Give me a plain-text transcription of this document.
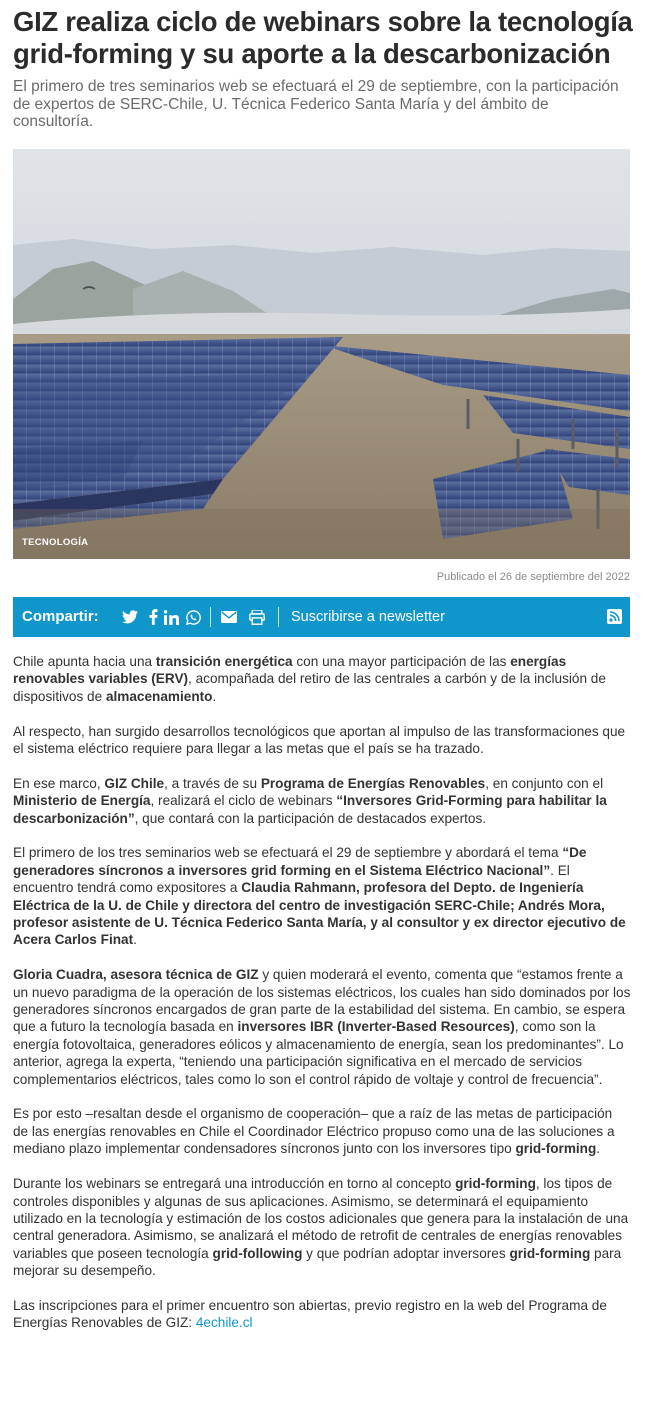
GIZ realiza ciclo de webinars sobre la tecnología grid-forming y su aporte a la descarbonización

El primero de tres seminarios web se efectuará el 29 de septiembre, con la participación de expertos de SERC-Chile, U. Técnica Federico Santa María y del ámbito de consultoría.

TECNOLOGÍA
Publicado el 26 de septiembre del 2022
Compartir:	Suscribirse a newsletter

Chile apunta hacia una transición energética con una mayor participación de las energías renovables variables (ERV), acompañada del retiro de las centrales a carbón y de la inclusión de dispositivos de almacenamiento.

Al respecto, han surgido desarrollos tecnológicos que aportan al impulso de las transformaciones que el sistema eléctrico requiere para llegar a las metas que el país se ha trazado.

En ese marco, GIZ Chile, a través de su Programa de Energías Renovables, en conjunto con el Ministerio de Energía, realizará el ciclo de webinars “Inversores Grid-Forming para habilitar la descarbonización”, que contará con la participación de destacados expertos.

El primero de los tres seminarios web se efectuará el 29 de septiembre y abordará el tema “De generadores síncronos a inversores grid forming en el Sistema Eléctrico Nacional”. El encuentro tendrá como expositores a Claudia Rahmann, profesora del Depto. de Ingeniería Eléctrica de la U. de Chile y directora del centro de investigación SERC-Chile; Andrés Mora, profesor asistente de U. Técnica Federico Santa María, y al consultor y ex director ejecutivo de Acera Carlos Finat.

Gloria Cuadra, asesora técnica de GIZ y quien moderará el evento, comenta que “estamos frente a un nuevo paradigma de la operación de los sistemas eléctricos, los cuales han sido dominados por los generadores síncronos encargados de gran parte de la estabilidad del sistema. En cambio, se espera que a futuro la tecnología basada en inversores IBR (Inverter-Based Resources), como son la energía fotovoltaica, generadores eólicos y almacenamiento de energía, sean los predominantes”. Lo anterior, agrega la experta, “teniendo una participación significativa en el mercado de servicios complementarios eléctricos, tales como lo son el control rápido de voltaje y control de frecuencia”.

Es por esto –resaltan desde el organismo de cooperación– que a raíz de las metas de participación de las energías renovables en Chile el Coordinador Eléctrico propuso como una de las soluciones a mediano plazo implementar condensadores síncronos junto con los inversores tipo grid-forming.

Durante los webinars se entregará una introducción en torno al concepto grid-forming, los tipos de controles disponibles y algunas de sus aplicaciones. Asimismo, se determinará el equipamiento utilizado en la tecnología y estimación de los costos adicionales que genera para la instalación de una central generadora. Asimismo, se analizará el método de retrofit de centrales de energías renovables variables que poseen tecnología grid-following y que podrían adoptar inversores grid-forming para mejorar su desempeño.

Las inscripciones para el primer encuentro son abiertas, previo registro en la web del Programa de Energías Renovables de GIZ: 4echile.cl
